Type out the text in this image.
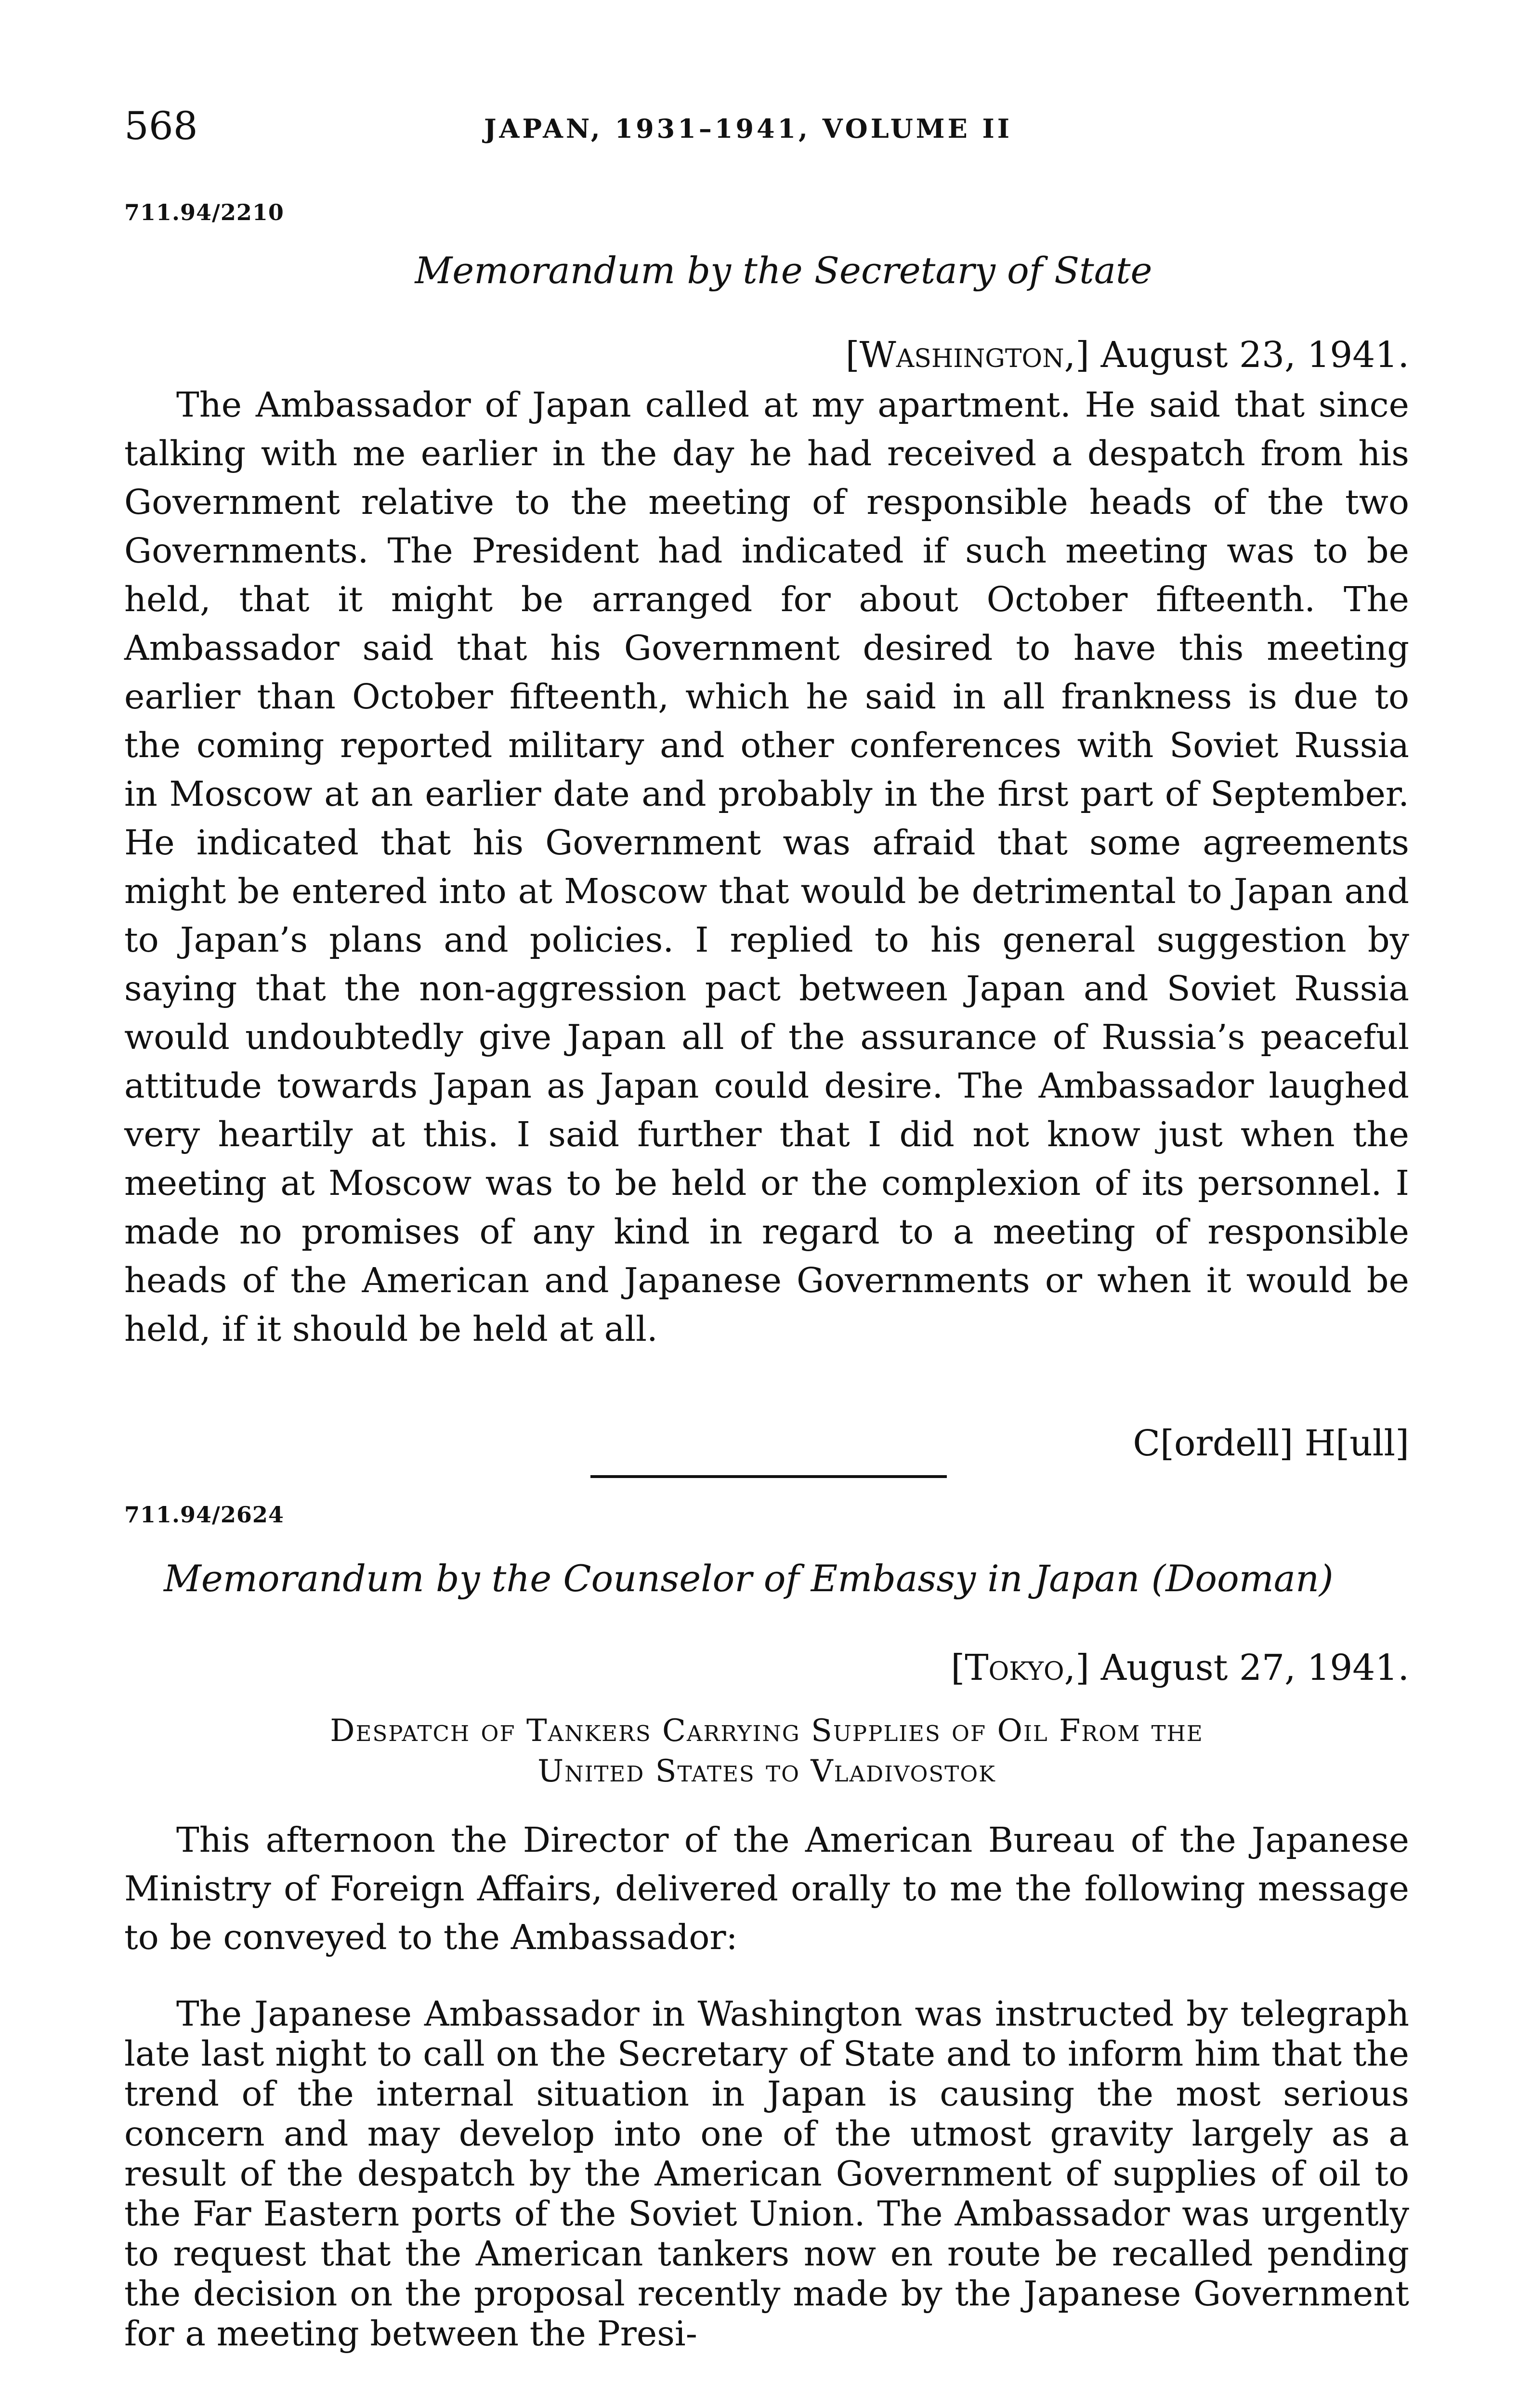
568	JAPAN, 1931–1941, VOLUME II
711.94/2210
Memorandum by the Secretary of State
[Washington,] August 23, 1941.

The Ambassador of Japan called at my apartment. He said that since talking with me earlier in the day he had received a despatch from his Government relative to the meeting of responsible heads of the two Governments. The President had indicated if such meeting was to be held, that it might be arranged for about October fifteenth. The Ambassador said that his Government desired to have this meeting earlier than October fifteenth, which he said in all frankness is due to the coming reported military and other conferences with Soviet Russia in Moscow at an earlier date and probably in the first part of September. He indicated that his Government was afraid that some agreements might be entered into at Moscow that would be detrimental to Japan and to Japan’s plans and policies. I replied to his general suggestion by saying that the non-aggression pact between Japan and Soviet Russia would undoubtedly give Japan all of the assurance of Russia’s peaceful attitude towards Japan as Japan could desire. The Ambassador laughed very heartily at this. I said further that I did not know just when the meeting at Moscow was to be held or the complexion of its personnel. I made no promises of any kind in regard to a meeting of responsible heads of the American and Japanese Governments or when it would be held, if it should be held at all.

C[ordell] H[ull]
711.94/2624
Memorandum by the Counselor of Embassy in Japan (Dooman)
[Tokyo,] August 27, 1941.
Despatch of Tankers Carrying Supplies of Oil From the
United States to Vladivostok

This afternoon the Director of the American Bureau of the Japanese Ministry of Foreign Affairs, delivered orally to me the following message to be conveyed to the Ambassador:

The Japanese Ambassador in Washington was instructed by telegraph late last night to call on the Secretary of State and to inform him that the trend of the internal situation in Japan is causing the most serious concern and may develop into one of the utmost gravity largely as a result of the despatch by the American Government of supplies of oil to the Far Eastern ports of the Soviet Union. The Ambassador was urgently to request that the American tankers now en route be recalled pending the decision on the proposal recently made by the Japanese Government for a meeting between the Presi-
